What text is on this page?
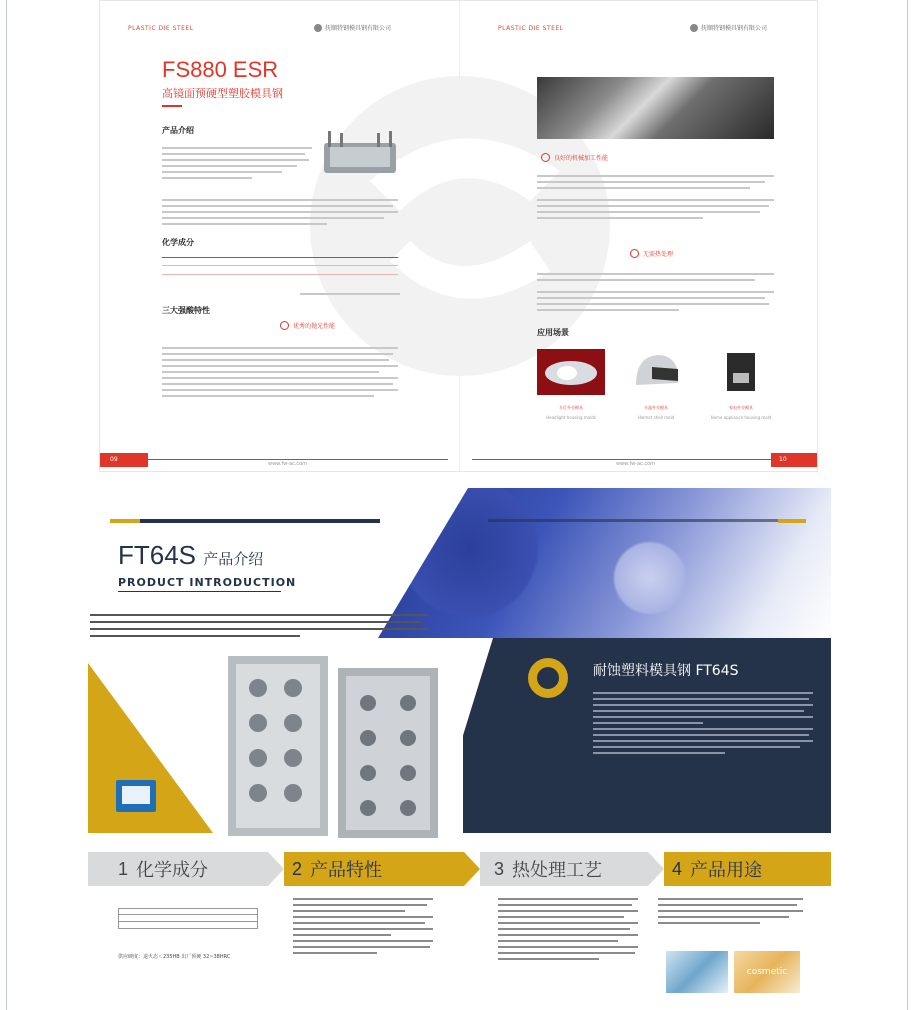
PLASTIC DIE STEEL	抚顺特钢模具钢有限公司	PLASTIC DIE STEEL	抚顺特钢模具钢有限公司
FS880 ESR
高镜面预硬型塑胶模具钢
产品介绍
化学成分
三大强酸特性
优秀的抛光性能
良好的机械加工性能
无需热处理
应用场景
车灯外壳模具
Headlight housing molds
头盔外壳模具
Helmet shell mold
家电外壳模具
Home appliance housing mold
09
www.fw-ac.com	www.fw-ac.com
10
FT64S 产品介绍
PRODUCT INTRODUCTION
耐蚀塑料模具钢 FT64S
1 化学成分	2 产品特性	3 热处理工艺	4 产品用途
供应硬度：退火态＜235HB 出厂预硬 32~38HRC
cosmetic
